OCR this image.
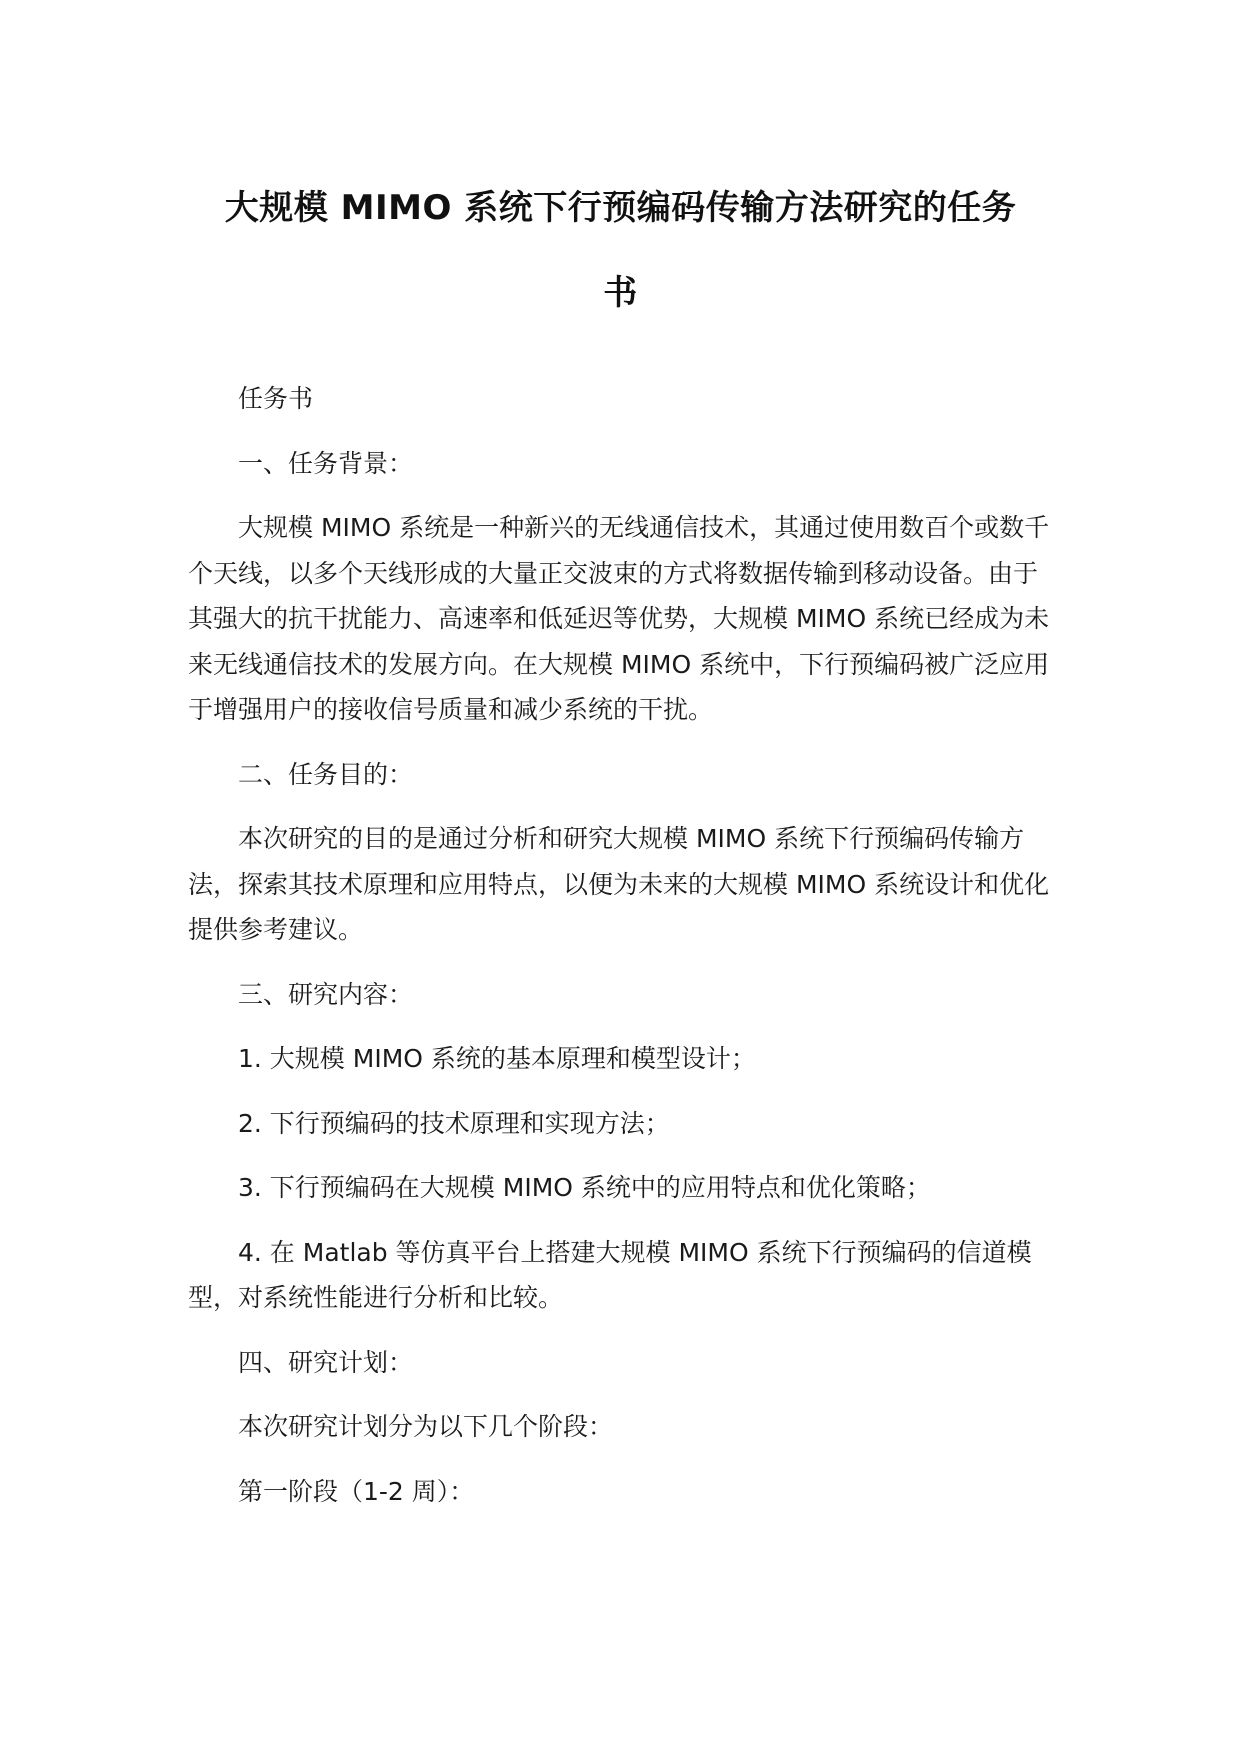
大规模 MIMO 系统下行预编码传输方法研究的任务
书

任务书

一、任务背景：

大规模 MIMO 系统是一种新兴的无线通信技术，其通过使用数百个或数千个天线，以多个天线形成的大量正交波束的方式将数据传输到移动设备。由于其强大的抗干扰能力、高速率和低延迟等优势，大规模 MIMO 系统已经成为未来无线通信技术的发展方向。在大规模 MIMO 系统中，下行预编码被广泛应用于增强用户的接收信号质量和减少系统的干扰。

二、任务目的：

本次研究的目的是通过分析和研究大规模 MIMO 系统下行预编码传输方法，探索其技术原理和应用特点，以便为未来的大规模 MIMO 系统设计和优化提供参考建议。

三、研究内容：

1. 大规模 MIMO 系统的基本原理和模型设计；

2. 下行预编码的技术原理和实现方法；

3. 下行预编码在大规模 MIMO 系统中的应用特点和优化策略；

4. 在 Matlab 等仿真平台上搭建大规模 MIMO 系统下行预编码的信道模型，对系统性能进行分析和比较。

四、研究计划：

本次研究计划分为以下几个阶段：

第一阶段（1-2 周）：
